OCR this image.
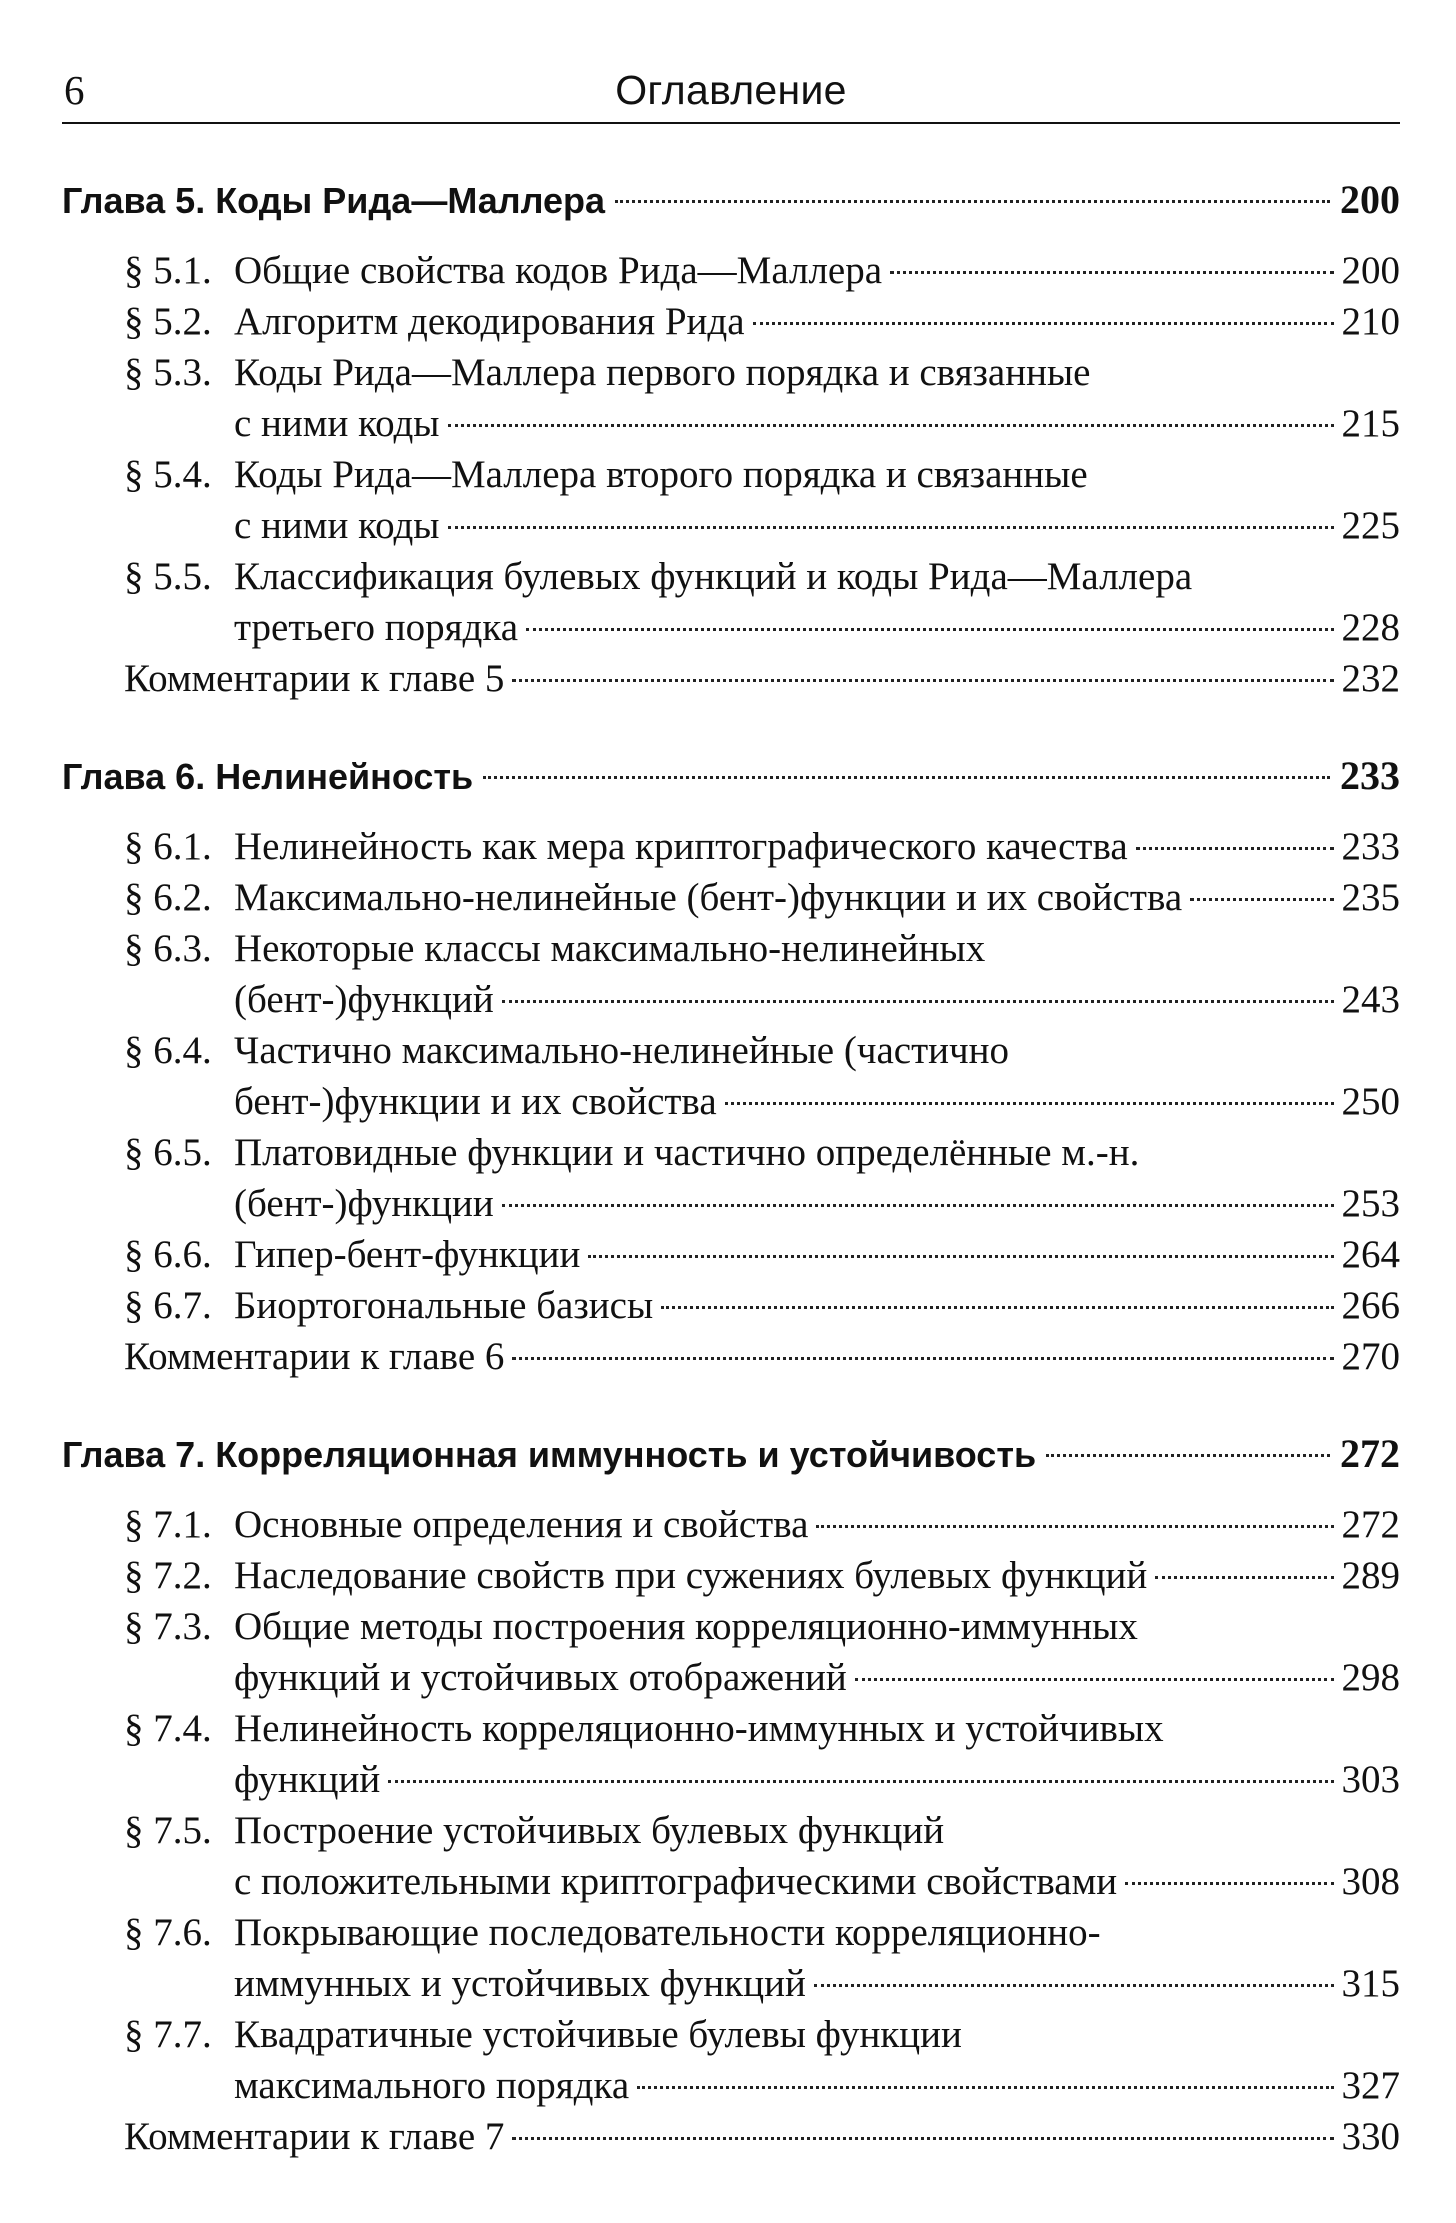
6	Оглавление
Глава 5. Коды Рида—Маллера	200
§ 5.1. Общие свойства кодов Рида—Маллера	200
§ 5.2. Алгоритм декодирования Рида	210
§ 5.3. Коды Рида—Маллера первого порядка и связанные
с ними коды	215
§ 5.4. Коды Рида—Маллера второго порядка и связанные
с ними коды	225
§ 5.5. Классификация булевых функций и коды Рида—Маллера
третьего порядка	228
Комментарии к главе 5	232
Глава 6. Нелинейность	233
§ 6.1. Нелинейность как мера криптографического качества	233
§ 6.2. Максимально-нелинейные (бент-)функции и их свойства	235
§ 6.3. Некоторые классы максимально-нелинейных
(бент-)функций	243
§ 6.4. Частично максимально-нелинейные (частично
бент-)функции и их свойства	250
§ 6.5. Платовидные функции и частично определённые м.-н.
(бент-)функции	253
§ 6.6. Гипер-бент-функции	264
§ 6.7. Биортогональные базисы	266
Комментарии к главе 6	270
Глава 7. Корреляционная иммунность и устойчивость	272
§ 7.1. Основные определения и свойства	272
§ 7.2. Наследование свойств при сужениях булевых функций	289
§ 7.3. Общие методы построения корреляционно-иммунных
функций и устойчивых отображений	298
§ 7.4. Нелинейность корреляционно-иммунных и устойчивых
функций	303
§ 7.5. Построение устойчивых булевых функций
с положительными криптографическими свойствами	308
§ 7.6. Покрывающие последовательности корреляционно-
иммунных и устойчивых функций	315
§ 7.7. Квадратичные устойчивые булевы функции
максимального порядка	327
Комментарии к главе 7	330
